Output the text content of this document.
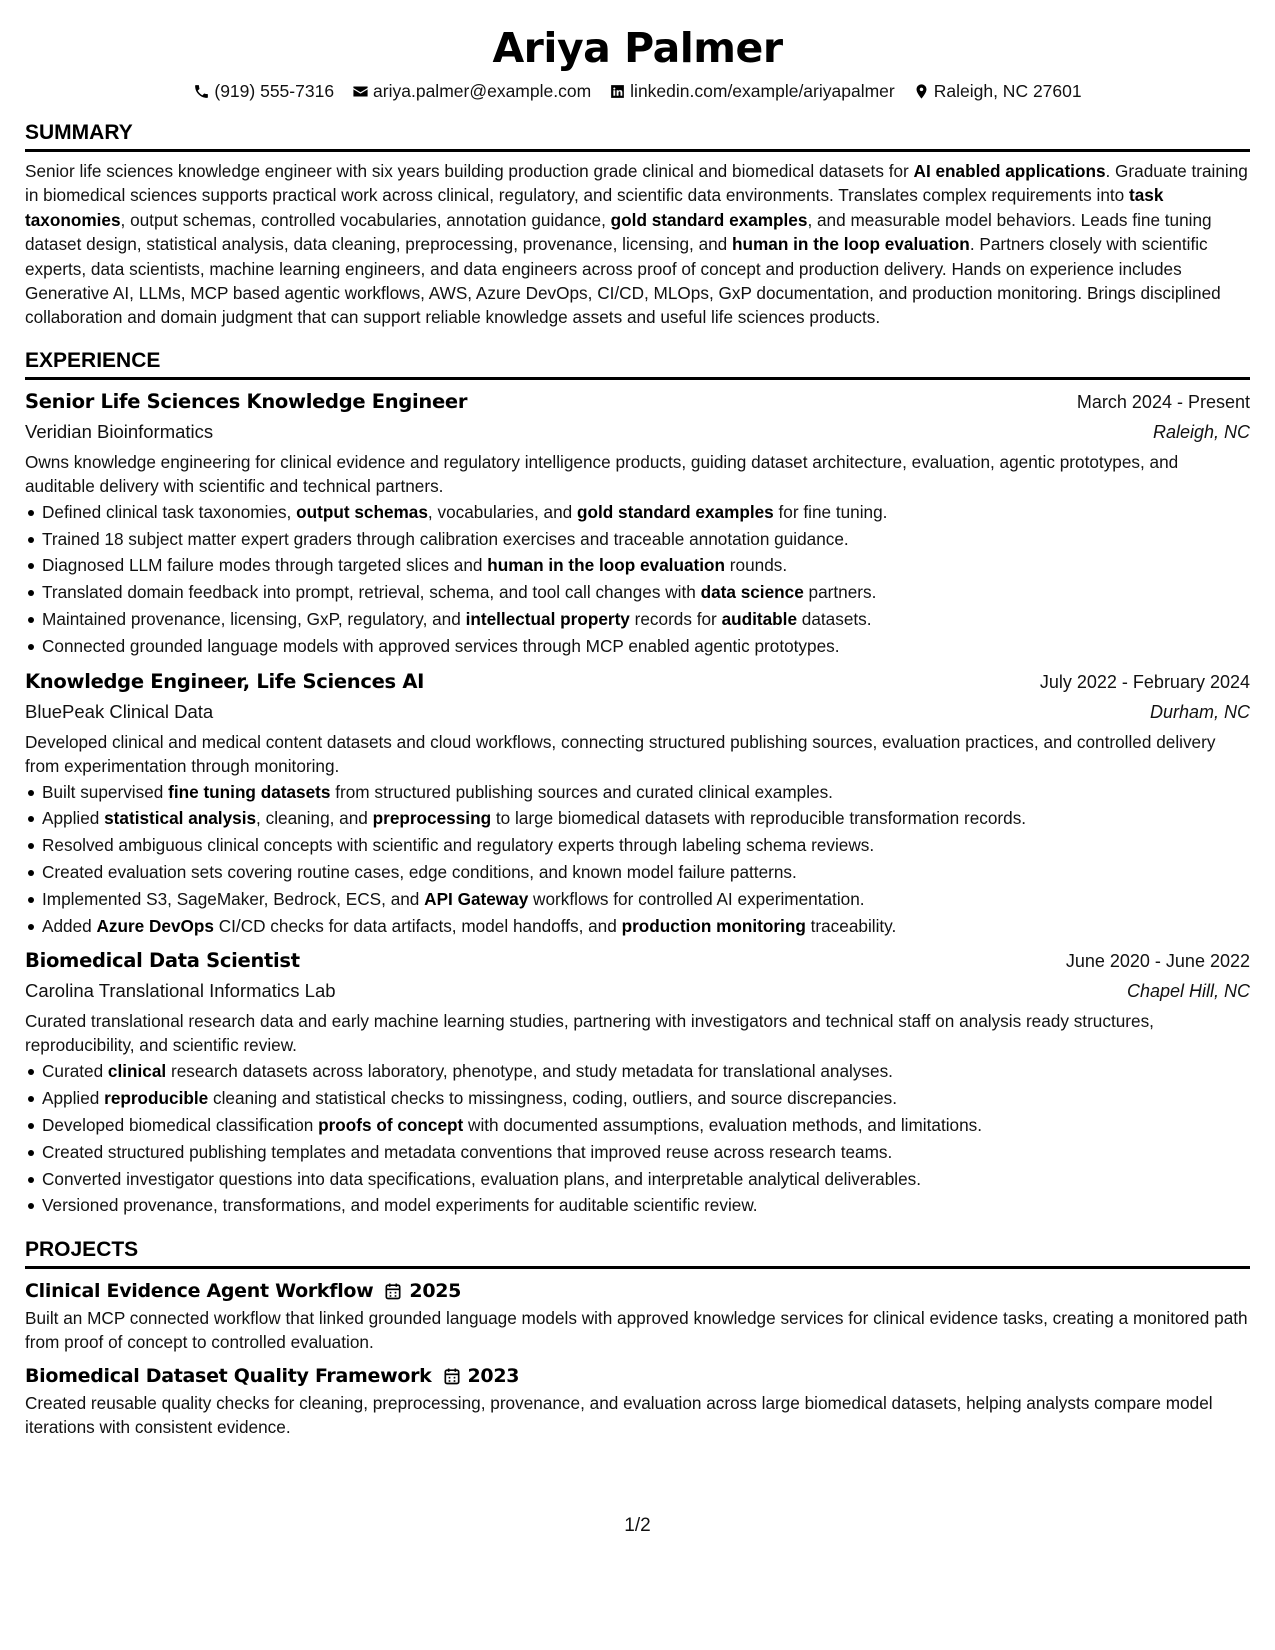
Ariya Palmer
(919) 555-7316 ariya.palmer@example.com linkedin.com/example/ariyapalmer Raleigh, NC 27601
SUMMARY

Senior life sciences knowledge engineer with six years building production grade clinical and biomedical datasets for AI enabled applications. Graduate training in biomedical sciences supports practical work across clinical, regulatory, and scientific data environments. Translates complex requirements into task taxonomies, output schemas, controlled vocabularies, annotation guidance, gold standard examples, and measurable model behaviors. Leads fine tuning dataset design, statistical analysis, data cleaning, preprocessing, provenance, licensing, and human in the loop evaluation. Partners closely with scientific experts, data scientists, machine learning engineers, and data engineers across proof of concept and production delivery. Hands on experience includes Generative AI, LLMs, MCP based agentic workflows, AWS, Azure DevOps, CI/CD, MLOps, GxP documentation, and production monitoring. Brings disciplined collaboration and domain judgment that can support reliable knowledge assets and useful life sciences products.

EXPERIENCE
Senior Life Sciences Knowledge Engineer	March 2024 - Present
Veridian Bioinformatics	Raleigh, NC

Owns knowledge engineering for clinical evidence and regulatory intelligence products, guiding dataset architecture, evaluation, agentic prototypes, and auditable delivery with scientific and technical partners.

Defined clinical task taxonomies, output schemas, vocabularies, and gold standard examples for fine tuning.
Trained 18 subject matter expert graders through calibration exercises and traceable annotation guidance.
Diagnosed LLM failure modes through targeted slices and human in the loop evaluation rounds.
Translated domain feedback into prompt, retrieval, schema, and tool call changes with data science partners.
Maintained provenance, licensing, GxP, regulatory, and intellectual property records for auditable datasets.
Connected grounded language models with approved services through MCP enabled agentic prototypes.
Knowledge Engineer, Life Sciences AI	July 2022 - February 2024
BluePeak Clinical Data	Durham, NC

Developed clinical and medical content datasets and cloud workflows, connecting structured publishing sources, evaluation practices, and controlled delivery from experimentation through monitoring.

Built supervised fine tuning datasets from structured publishing sources and curated clinical examples.
Applied statistical analysis, cleaning, and preprocessing to large biomedical datasets with reproducible transformation records.
Resolved ambiguous clinical concepts with scientific and regulatory experts through labeling schema reviews.
Created evaluation sets covering routine cases, edge conditions, and known model failure patterns.
Implemented S3, SageMaker, Bedrock, ECS, and API Gateway workflows for controlled AI experimentation.
Added Azure DevOps CI/CD checks for data artifacts, model handoffs, and production monitoring traceability.
Biomedical Data Scientist	June 2020 - June 2022
Carolina Translational Informatics Lab	Chapel Hill, NC

Curated translational research data and early machine learning studies, partnering with investigators and technical staff on analysis ready structures, reproducibility, and scientific review.

Curated clinical research datasets across laboratory, phenotype, and study metadata for translational analyses.
Applied reproducible cleaning and statistical checks to missingness, coding, outliers, and source discrepancies.
Developed biomedical classification proofs of concept with documented assumptions, evaluation methods, and limitations.
Created structured publishing templates and metadata conventions that improved reuse across research teams.
Converted investigator questions into data specifications, evaluation plans, and interpretable analytical deliverables.
Versioned provenance, transformations, and model experiments for auditable scientific review.
PROJECTS
Clinical Evidence Agent Workflow 2025

Built an MCP connected workflow that linked grounded language models with approved knowledge services for clinical evidence tasks, creating a monitored path from proof of concept to controlled evaluation.

Biomedical Dataset Quality Framework 2023

Created reusable quality checks for cleaning, preprocessing, provenance, and evaluation across large biomedical datasets, helping analysts compare model iterations with consistent evidence.

1/2
